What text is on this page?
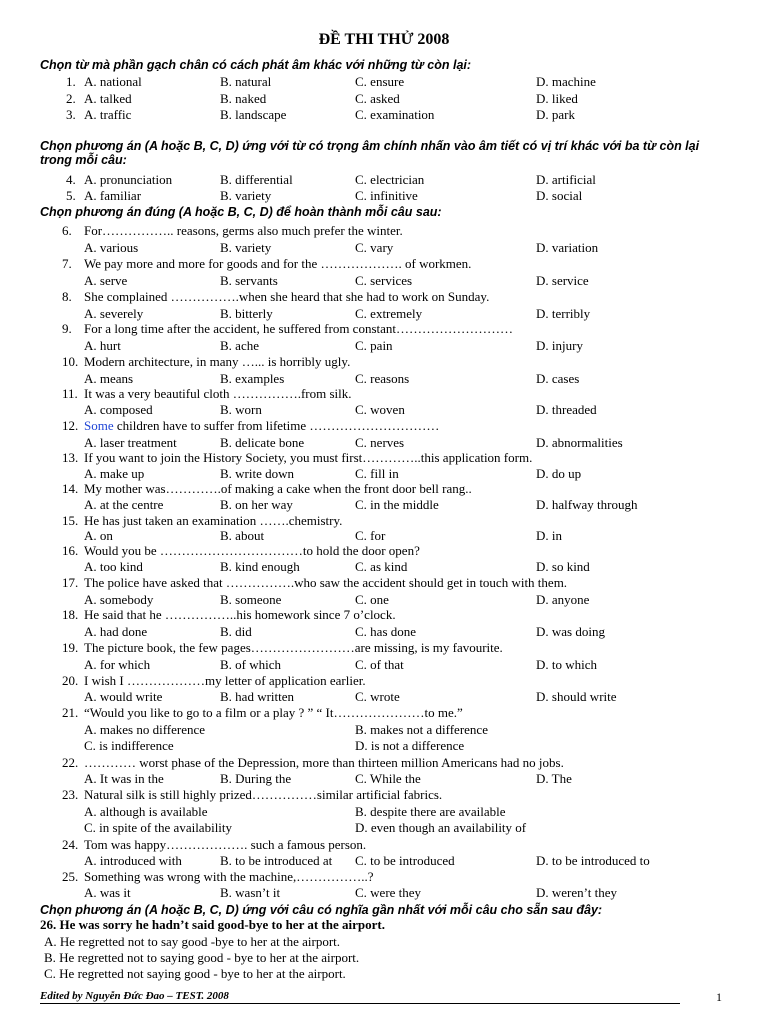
ĐỀ THI THỬ 2008
Chọn từ mà phần gạch chân có cách phát âm khác với những từ còn lại:
Chọn phương án (A hoặc B, C, D) ứng với từ có trọng âm chính nhấn vào âm tiết có vị trí khác với ba từ còn lại trong mỗi câu:
Chọn phương án đúng (A hoặc B, C, D) để hoàn thành mỗi câu sau:
Chọn phương án (A hoặc B, C, D) ứng với câu có nghĩa gần nhất với mỗi câu cho sẵn sau đây:
1. A. national	B. natural	C. ensure	D. machine
2. A. talked	B. naked	C. asked	D. liked
3. A. traffic	B. landscape	C. examination	D. park
4. A. pronunciation	B. differential	C. electrician	D. artificial
5. A. familiar	B. variety	C. infinitive	D. social
6. For…………….. reasons, germs also much prefer the winter.
A. various	B. variety	C. vary	D. variation
7. We pay more and more for goods and for the ………………. of workmen.
A. serve	B. servants	C. services	D. service
8. She complained …………….when she heard that she had to work on Sunday.
A. severely	B. bitterly	C. extremely	D. terribly
9. For a long time after the accident, he suffered from constant………………………
A. hurt	B. ache	C. pain	D. injury
10. Modern architecture, in many …... is horribly ugly.
A. means	B. examples	C. reasons	D. cases
11. It was a very beautiful cloth …………….from silk.
A. composed	B. worn	C. woven	D. threaded
12. Some children have to suffer from lifetime …………………………
A. laser treatment	B. delicate bone	C. nerves	D. abnormalities
13. If you want to join the History Society, you must first…………..this application form.
A. make up	B. write down	C. fill in	D. do up
14. My mother was………….of making a cake when the front door bell rang..
A. at the centre	B. on her way	C. in the middle	D. halfway through
15. He has just taken an examination …….chemistry.
A. on	B. about	C. for	D. in
16. Would you be ……………………………to hold the door open?
A. too kind	B. kind enough	C. as kind	D. so kind
17. The police have asked that …………….who saw the accident should get in touch with them.
A. somebody	B. someone	C. one	D. anyone
18. He said that he ……………..his homework since 7 o’clock.
A. had done	B. did	C. has done	D. was doing
19. The picture book, the few pages……………………are missing, is my favourite.
A. for which	B. of which	C. of that	D. to which
20. I wish I ………………my letter of application earlier.
A. would write	B. had written	C. wrote	D. should write
21. “Would you like to go to a film or a play ? ” “ It…………………to me.”
A. makes no difference	B. makes not a difference
C. is indifference	D. is not a difference
22. ………… worst phase of the Depression, more than thirteen million Americans had no jobs.
A. It was in the	B. During the	C. While the	D. The
23. Natural silk is still highly prized……………similar artificial fabrics.
A. although is available	B. despite there are available
C. in spite of the availability	D. even though an availability of
24. Tom was happy………………. such a famous person.
A. introduced with	B. to be introduced at C. to be introduced	D. to be introduced to
25. Something was wrong with the machine,……………..?
A. was it	B. wasn’t it	C. were they	D. weren’t they
26. He was sorry he hadn’t said good-bye to her at the airport.
A. He regretted not to say good -bye to her at the airport.
B. He regretted not to saying good - bye to her at the airport.
C. He regretted not saying good - bye to her at the airport.
Edited by Nguyễn Đức Đao – TEST. 2008	1
